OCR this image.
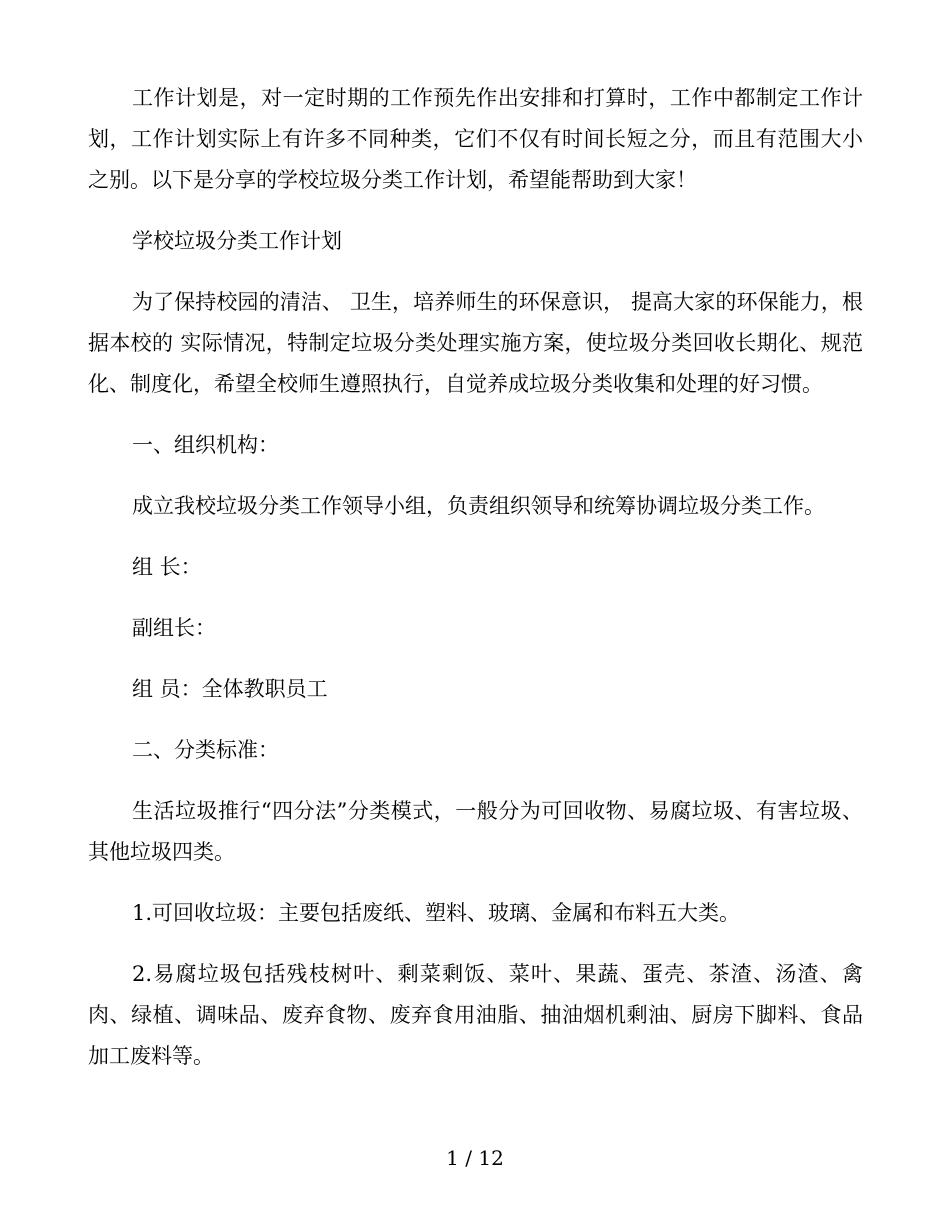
工作计划是，对一定时期的工作预先作出安排和打算时，工作中都制定工作计划，工作计划实际上有许多不同种类，它们不仅有时间长短之分，而且有范围大小之别。以下是分享的学校垃圾分类工作计划，希望能帮助到大家！

学校垃圾分类工作计划

为了保持校园的清洁、 卫生，培养师生的环保意识， 提高大家的环保能力，根据本校的 实际情况，特制定垃圾分类处理实施方案，使垃圾分类回收长期化、规范化、制度化，希望全校师生遵照执行，自觉养成垃圾分类收集和处理的好习惯。

一、组织机构：

成立我校垃圾分类工作领导小组，负责组织领导和统筹协调垃圾分类工作。

组 长：

副组长：

组 员：全体教职员工

二、分类标准：

生活垃圾推行“四分法”分类模式，一般分为可回收物、易腐垃圾、有害垃圾、其他垃圾四类。

1.可回收垃圾：主要包括废纸、塑料、玻璃、金属和布料五大类。

2.易腐垃圾包括残枝树叶、剩菜剩饭、菜叶、果蔬、蛋壳、茶渣、汤渣、禽肉、绿植、调味品、废弃食物、废弃食用油脂、抽油烟机剩油、厨房下脚料、食品加工废料等。

1 / 12
